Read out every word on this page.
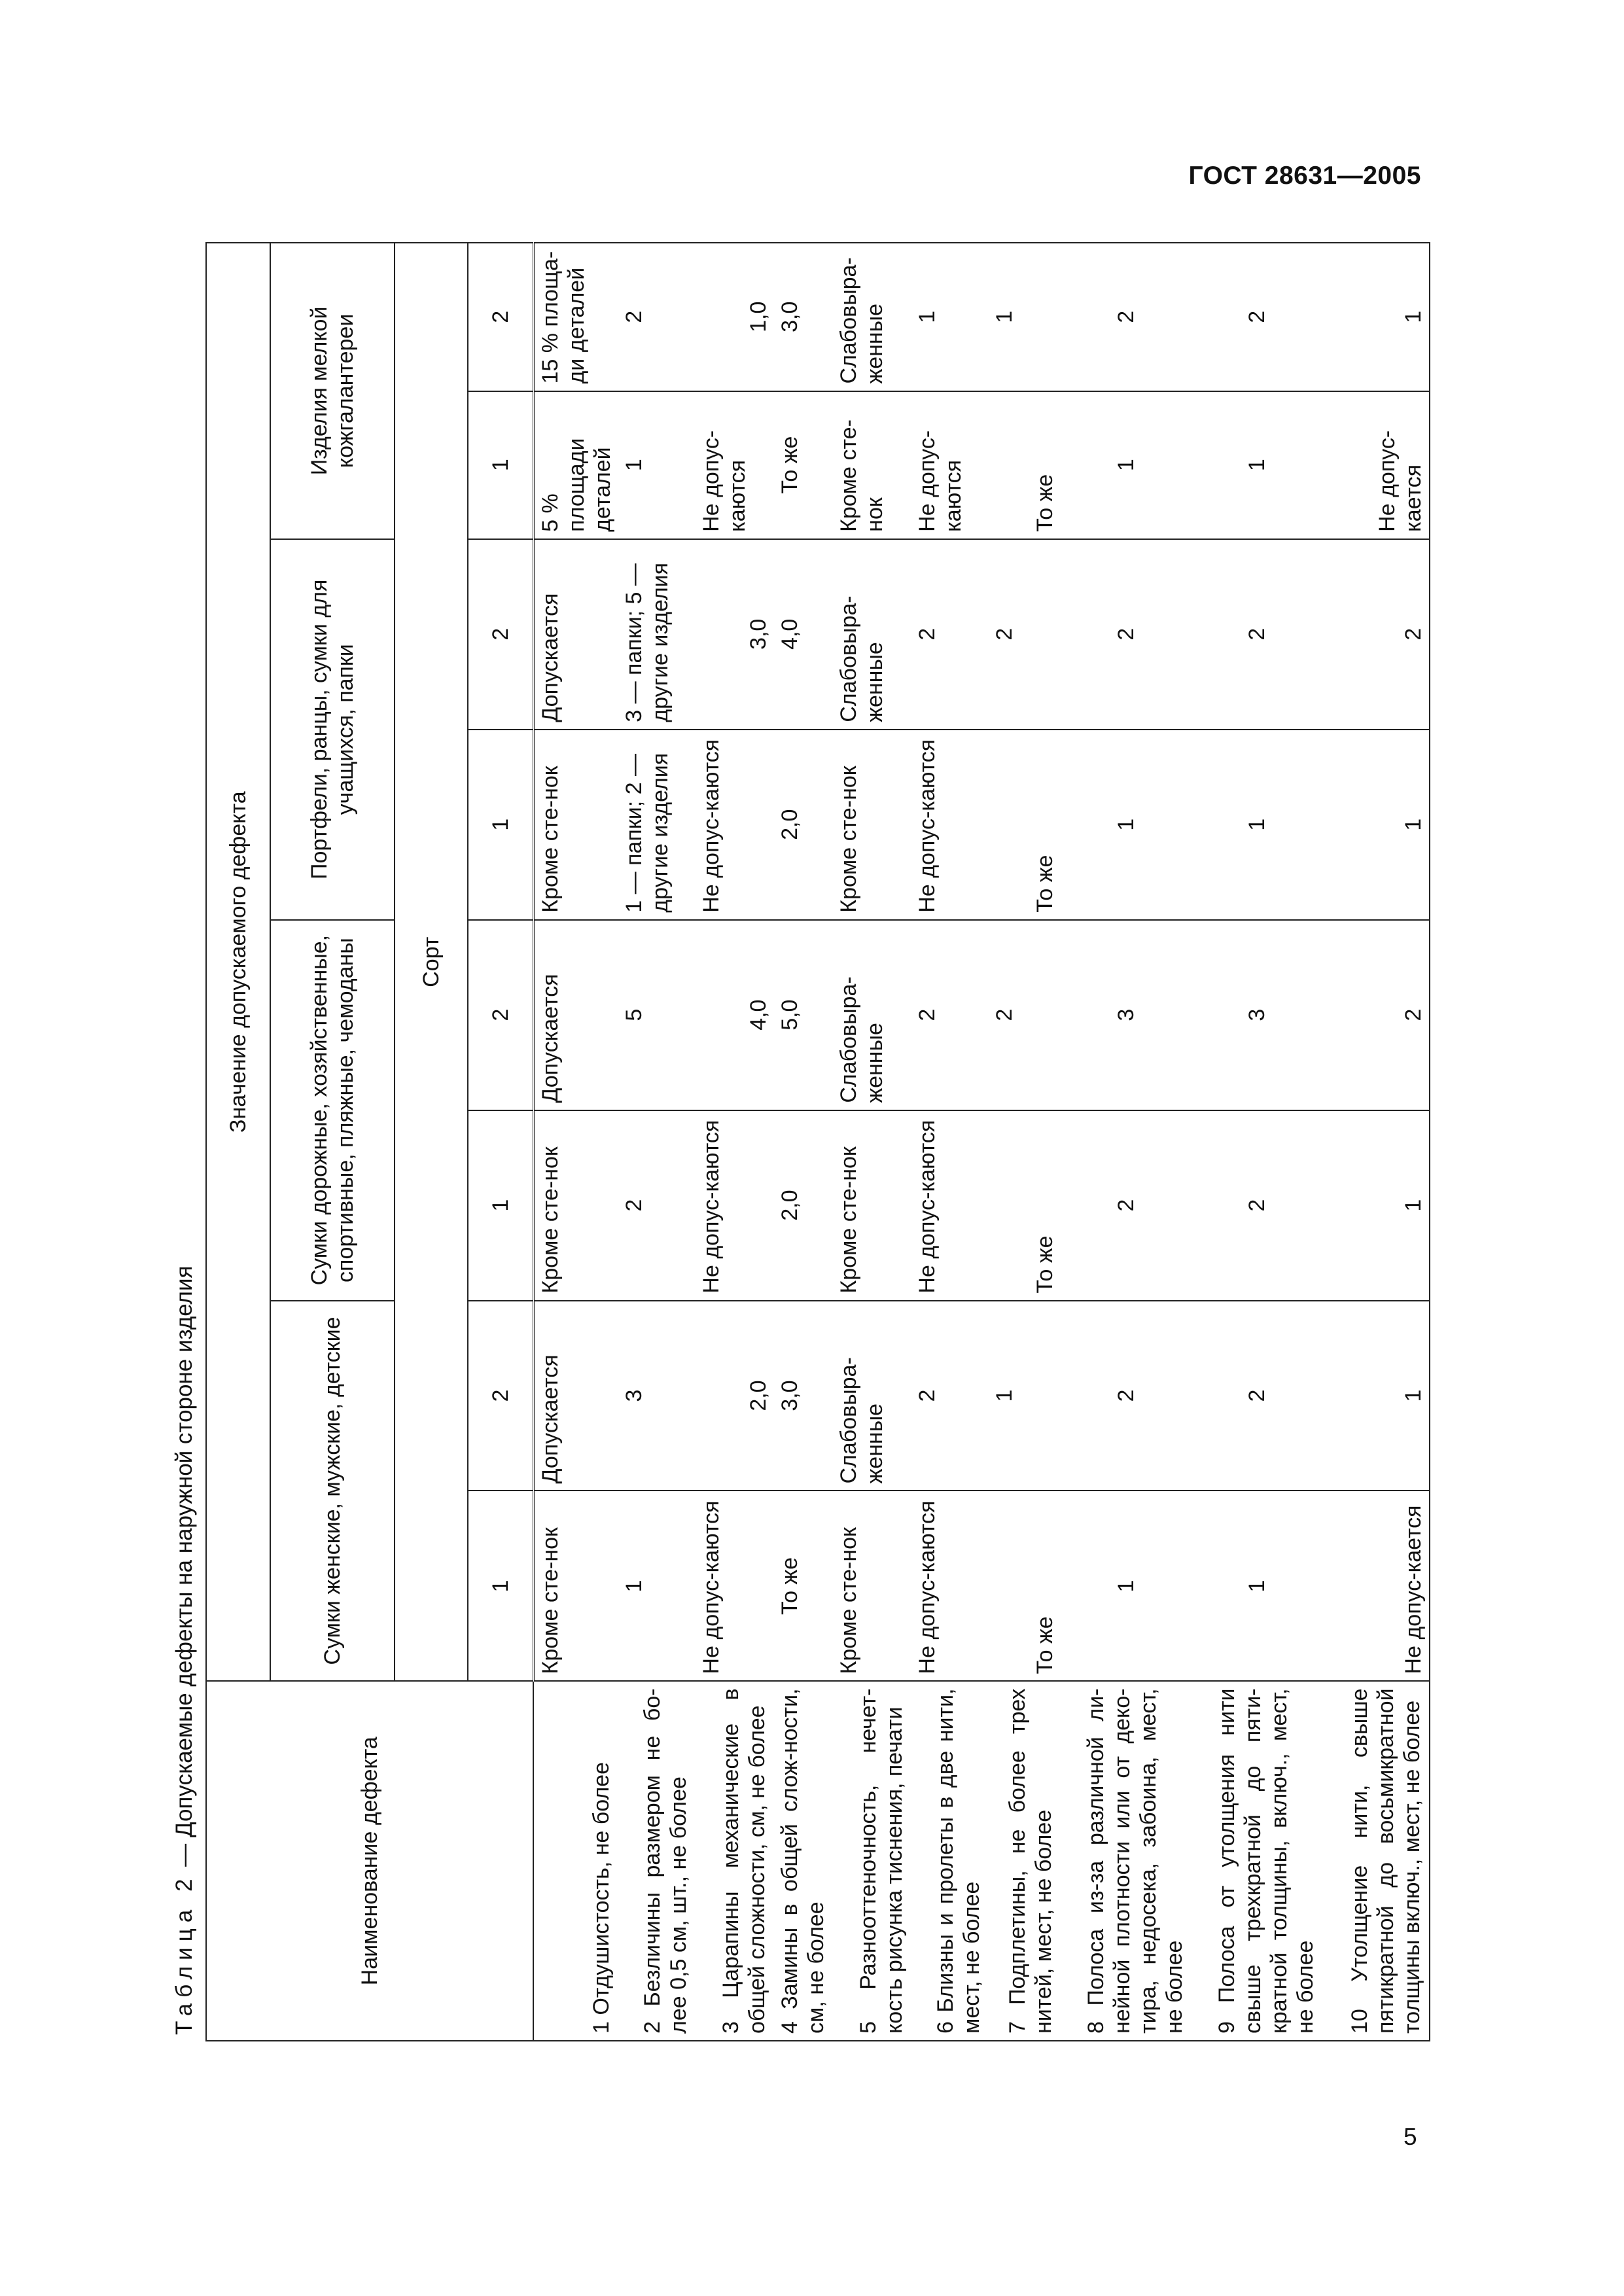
ГОСТ 28631—2005
Таблица 2 — Допускаемые дефекты на наружной стороне изделия	Наименование дефекта	Значение допускаемого дефекта							
	Сумки женские, мужские, детские		Сумки дорожные, хозяйственные, спортивные, пляжные, чемоданы		Портфели, ранцы, сумки для учащихся, папки		Изделия мелкой кожгалантереи	
	Сорт							
	1	2	1	2	1	2	1	2
1 Отдушистость, не более	Кроме сте-нок	Допускается	Кроме сте-нок	Допускается	Кроме сте-нок	Допускается	5 % площади деталей	15 % площа-ди деталей
2 Безличины размером не бо-лее 0,5 см, шт., не более	1	3	2	5	1 — папки; 2 — другие изделия	3 — папки; 5 — другие изделия	1	2
3 Царапины механические в общей сложности, см, не более	Не допус-каются	2,0	Не допус-каются	4,0	Не допус-каются	3,0	Не допус-каются	1,0
4 Замины в общей слож-ности, см, не более	То же	3,0	2,0	5,0	2,0	4,0	То же	3,0
5 Разнооттеночность, нечет-кость рисунка тиснения, печати	Кроме сте-нок	Слабовыра-женные	Кроме сте-нок	Слабовыра-женные	Кроме сте-нок	Слабовыра-женные	Кроме сте-нок	Слабовыра-женные
6 Близны и пролеты в две нити, мест, не более	Не допус-каются	2	Не допус-каются	2	Не допус-каются	2	Не допус-каются	1
7 Подплетины, не более трех нитей, мест, не более	То же	1	То же	2	То же	2	То же	1
8 Полоса из-за различной ли-нейной плотности или от деко-тира, недосека, забоина, мест, не более	1	2	2	3	1	2	1	2
9 Полоса от утолщения нити свыше трехкратной до пяти-кратной толщины, включ., мест, не более	1	2	2	3	1	2	1	2
10 Утолщение нити, свыше пятикратной до восьмикратной толщины включ., мест, не более	Не допус-кается	1	1	2	1	2	Не допус-кается	1
5
